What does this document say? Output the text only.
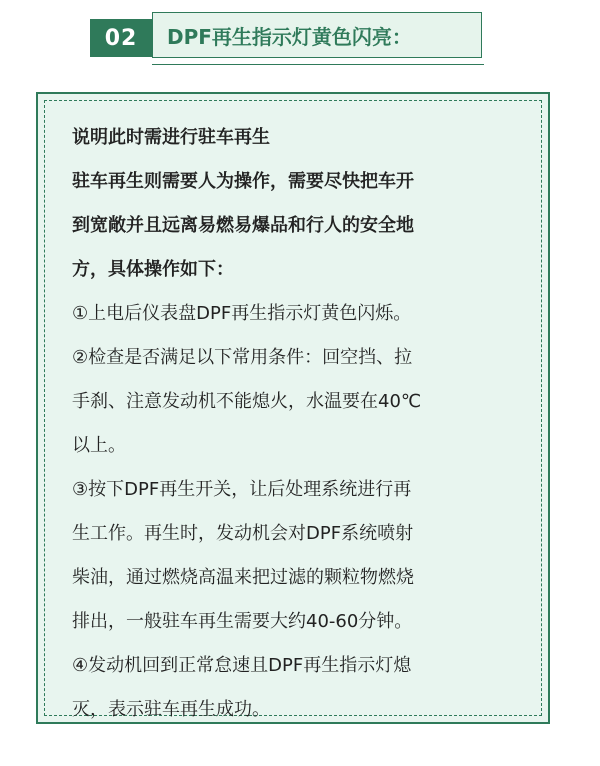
02	DPF再生指示灯黄色闪亮：

说明此时需进行驻车再生

驻车再生则需要人为操作，需要尽快把车开

到宽敞并且远离易燃易爆品和行人的安全地

方，具体操作如下：

①上电后仪表盘DPF再生指示灯黄色闪烁。

②检查是否满足以下常用条件：回空挡、拉

手刹、注意发动机不能熄火，水温要在40℃

以上。

③按下DPF再生开关，让后处理系统进行再

生工作。再生时，发动机会对DPF系统喷射

柴油，通过燃烧高温来把过滤的颗粒物燃烧

排出，一般驻车再生需要大约40-60分钟。

④发动机回到正常怠速且DPF再生指示灯熄

灭，表示驻车再生成功。
